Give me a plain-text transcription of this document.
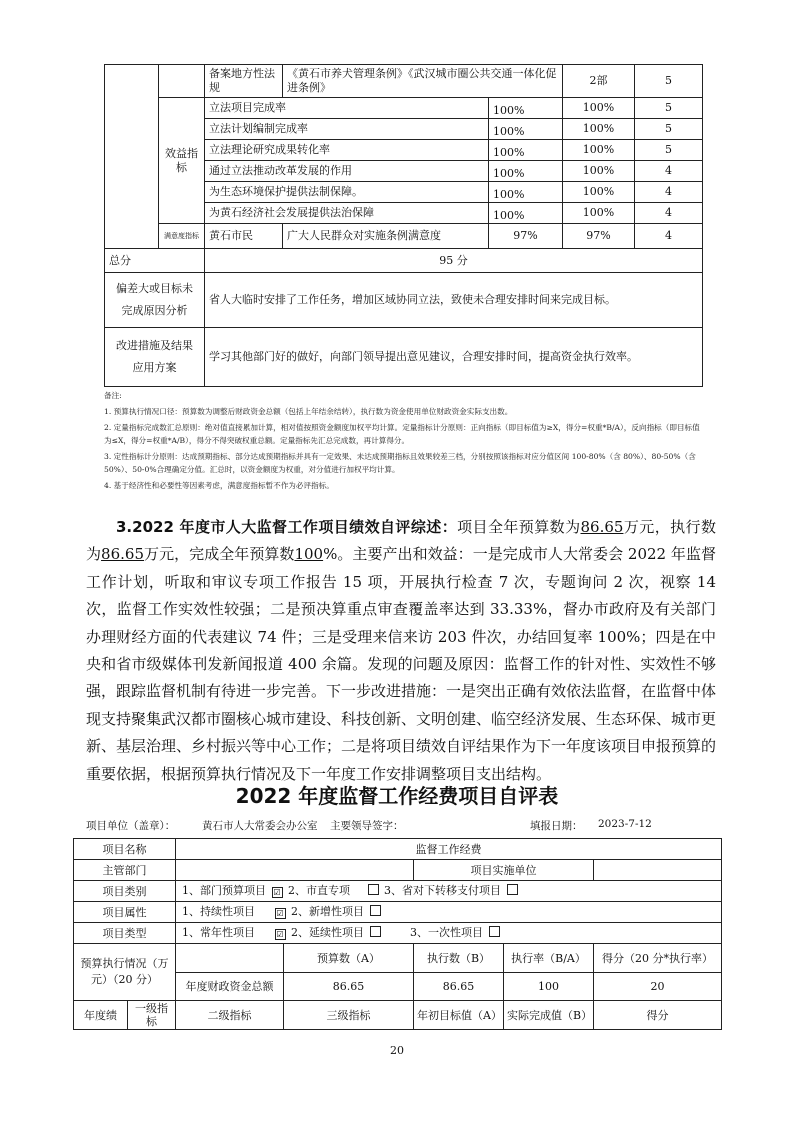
		备案地方性法规	《黄石市养犬管理条例》《武汉城市圈公共交通一体化促进条例》		2部	5
	效益指标	立法项目完成率		100%	100%	5
		立法计划编制完成率		100%	100%	5
		立法理论研究成果转化率		100%	100%	5
		通过立法推动改革发展的作用		100%	100%	4
		为生态环境保护提供法制保障。		100%	100%	4
		为黄石经济社会发展提供法治保障		100%	100%	4
	满意度指标	黄石市民	广大人民群众对实施条例满意度	97%	97%	4
总分		95 分				
偏差大或目标未完成原因分析		省人大临时安排了工作任务，增加区域协同立法，致使未合理安排时间来完成目标。				
改进措施及结果应用方案		学习其他部门好的做好，向部门领导提出意见建议，合理安排时间，提高资金执行效率。				

备注:

1. 预算执行情况口径：预算数为调整后财政资金总额（包括上年结余结转），执行数为资金使用单位财政资金实际支出数。

2. 定量指标完成数汇总原则：绝对值直接累加计算，相对值按照资金额度加权平均计算。定量指标计分原则：正向指标（即目标值为≥X，得分=权重*B/A），反向指标（即目标值为≤X，得分=权重*A/B），得分不得突破权重总额。定量指标先汇总完成数，再计算得分。

3. 定性指标计分原则：达成预期指标、部分达成预期指标并具有一定效果、未达成预期指标且效果较差三档，分别按照该指标对应分值区间 100-80%（含 80%）、80-50%（含 50%）、50-0%合理确定分值。汇总时，以资金额度为权重，对分值进行加权平均计算。

4. 基于经济性和必要性等因素考虑，满意度指标暂不作为必评指标。

3.2022 年度市人大监督工作项目绩效自评综述：项目全年预算数为86.65万元，执行数为86.65万元，完成全年预算数100%。主要产出和效益：一是完成市人大常委会 2022 年监督工作计划，听取和审议专项工作报告 15 项，开展执行检查 7 次，专题询问 2 次，视察 14 次，监督工作实效性较强；二是预决算重点审查覆盖率达到 33.33%，督办市政府及有关部门办理财经方面的代表建议 74 件；三是受理来信来访 203 件次，办结回复率 100%；四是在中央和省市级媒体刊发新闻报道 400 余篇。发现的问题及原因：监督工作的针对性、实效性不够强，跟踪监督机制有待进一步完善。下一步改进措施：一是突出正确有效依法监督，在监督中体现支持聚集武汉都市圈核心城市建设、科技创新、文明创建、临空经济发展、生态环保、城市更新、基层治理、乡村振兴等中心工作；二是将项目绩效自评结果作为下一年度该项目申报预算的重要依据，根据预算执行情况及下一年度工作安排调整项目支出结构。

2022 年度监督工作经费项目自评表
项目单位（盖章）：	黄石市人大常委会办公室 主要领导签字：	填报日期： 2023-7-12
项目名称		监督工作经费				
主管部门				项目实施单位		
项目类别		1、部门预算项目 ☑ 2、市直专项 3、省对下转移支付项目				
项目属性		1、持续性项目 ☑ 2、新增性项目				
项目类型		1、常年性项目 ☑ 2、延续性项目 3、一次性项目				
预算执行情况（万元）（20 分）			预算数（A）	执行数（B）	执行率（B/A）	得分（20 分*执行率）
		年度财政资金总额	86.65	86.65	100	20
年度绩	一级指标	二级指标	三级指标	年初目标值（A）	实际完成值（B）	得分
20
